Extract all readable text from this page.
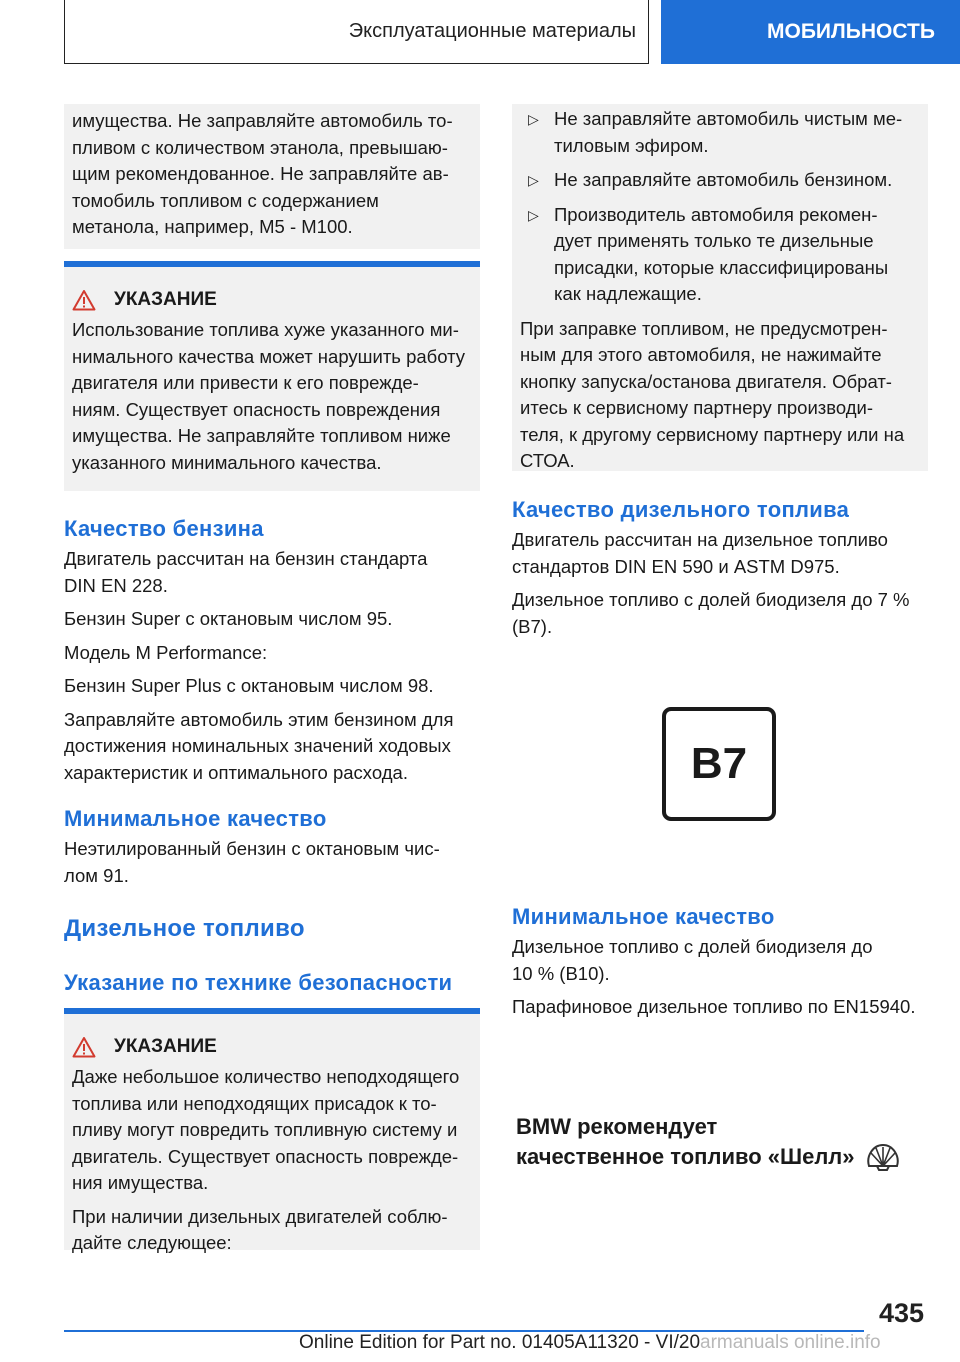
Эксплуатационные материалы	МОБИЛЬНОСТЬ

имущества. Не заправляйте автомобиль то-

пливом с количеством этанола, превышаю-

щим рекомендованное. Не заправляйте ав-

томобиль топливом с содержанием

метанола, например, M5 - M100.

УКАЗАНИЕ

Использование топлива хуже указанного ми-

нимального качества может нарушить работу

двигателя или привести к его поврежде-

ниям. Существует опасность повреждения

имущества. Не заправляйте топливом ниже

указанного минимального качества.

Качество бензина

Двигатель рассчитан на бензин стандарта

DIN EN 228.

Бензин Super с октановым числом 95.

Модель M Performance:

Бензин Super Plus с октановым числом 98.

Заправляйте автомобиль этим бензином для

достижения номинальных значений ходовых

характеристик и оптимального расхода.

Минимальное качество

Неэтилированный бензин с октановым чис-

лом 91.

Дизельное топливо
Указание по технике безопасности
УКАЗАНИЕ

Даже небольшое количество неподходящего

топлива или неподходящих присадок к то-

пливу могут повредить топливную систему и

двигатель. Существует опасность поврежде-

ния имущества.

При наличии дизельных двигателей соблю-

дайте следующее:

▷ Не заправляйте автомобиль чистым ме-

тиловым эфиром.

▷ Не заправляйте автомобиль бензином.

▷ Производитель автомобиля рекомен-

дует применять только те дизельные

присадки, которые классифицированы

как надлежащие.

При заправке топливом, не предусмотрен-

ным для этого автомобиля, не нажимайте

кнопку запуска/останова двигателя. Обрат-

итесь к сервисному партнеру производи-

теля, к другому сервисному партнеру или на

СТОА.

Качество дизельного топлива

Двигатель рассчитан на дизельное топливо

стандартов DIN EN 590 и ASTM D975.

Дизельное топливо с долей биодизеля до 7 %

(B7).

B7
Минимальное качество

Дизельное топливо с долей биодизеля до

10 % (B10).

Парафиновое дизельное топливо по EN15940.

BMW рекомендует
качественное топливо «Шелл»
435
Online Edition for Part no. 01405A11320 - VI/20 armanuals online.info
